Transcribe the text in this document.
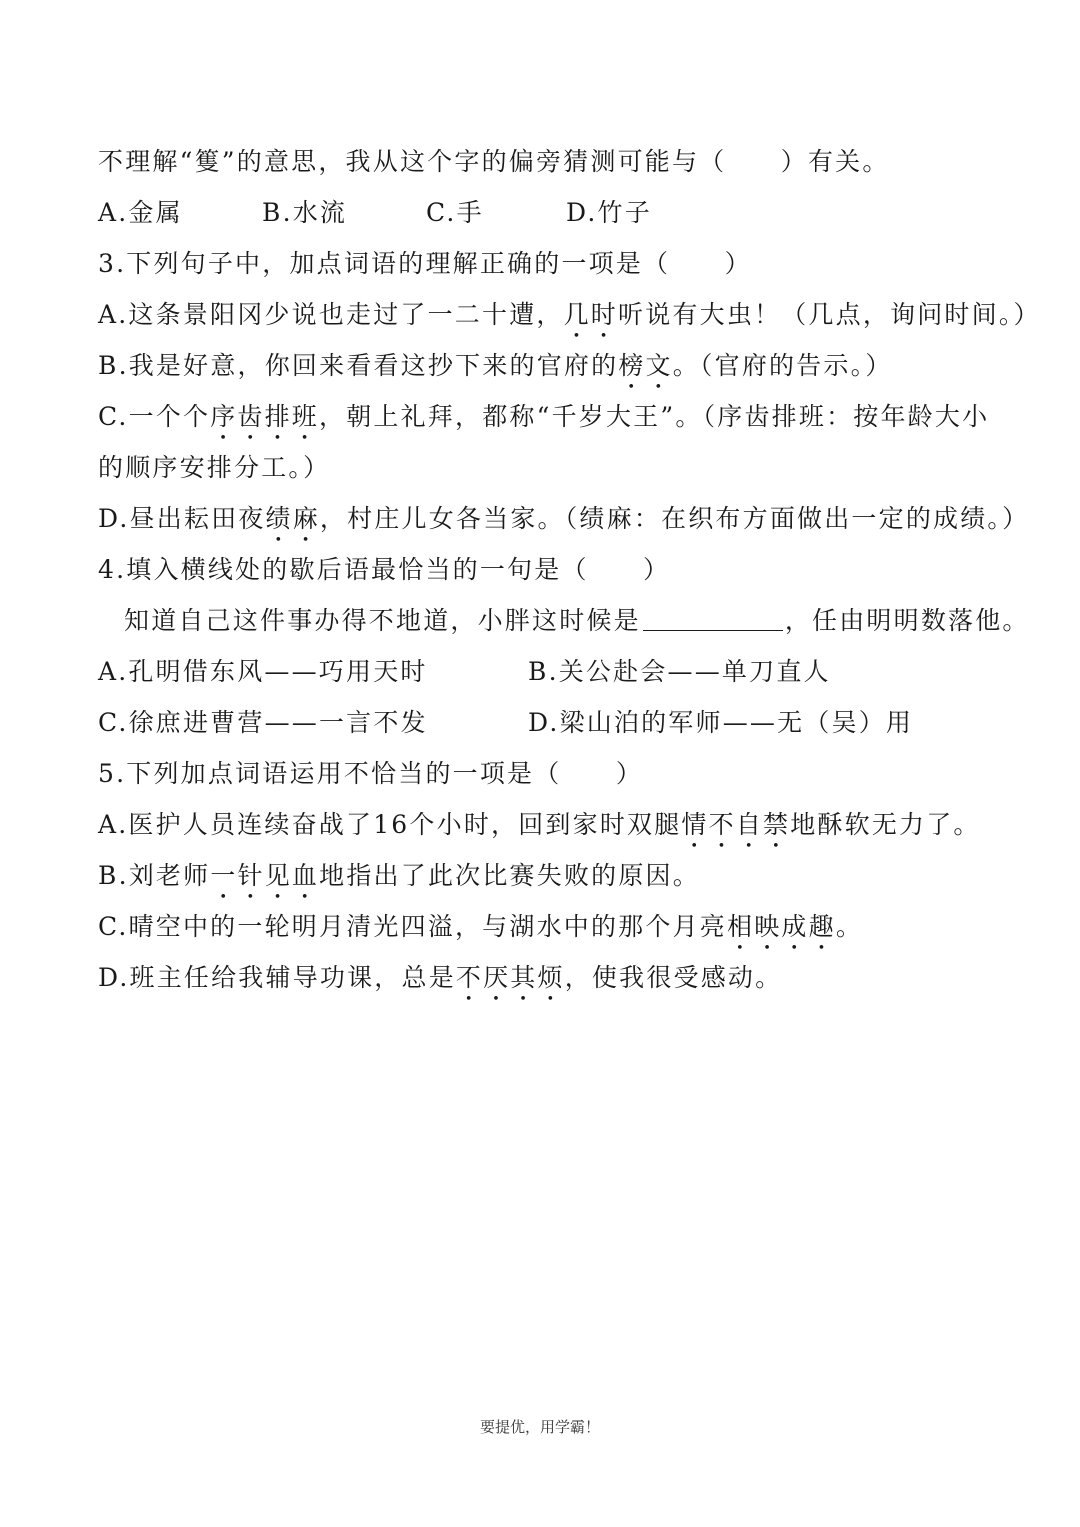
不理解“篗”的意思，我从这个字的偏旁猜测可能与（　　）有关。
A.金属	B.水流	C.手	D.竹子
3.下列句子中，加点词语的理解正确的一项是（　　）
A.这条景阳冈少说也走过了一二十遭，几时听说有大虫！（几点，询问时间。）
B.我是好意，你回来看看这抄下来的官府的榜文。（官府的告示。）
C.一个个序齿排班，朝上礼拜，都称“千岁大王”。（序齿排班：按年龄大小
的顺序安排分工。）
D.昼出耘田夜绩麻，村庄儿女各当家。（绩麻：在织布方面做出一定的成绩。）
4.填入横线处的歇后语最恰当的一句是（　　）
知道自己这件事办得不地道，小胖这时候是	，任由明明数落他。
A.孔明借东风——巧用天时	B.关公赴会——单刀直人
C.徐庶进曹营——一言不发	D.梁山泊的军师——无（吴）用
5.下列加点词语运用不恰当的一项是（　　）
A.医护人员连续奋战了16个小时，回到家时双腿情不自禁地酥软无力了。
B.刘老师一针见血地指出了此次比赛失败的原因。
C.晴空中的一轮明月清光四溢，与湖水中的那个月亮相映成趣。
D.班主任给我辅导功课，总是不厌其烦，使我很受感动。
要提优，用学霸！
